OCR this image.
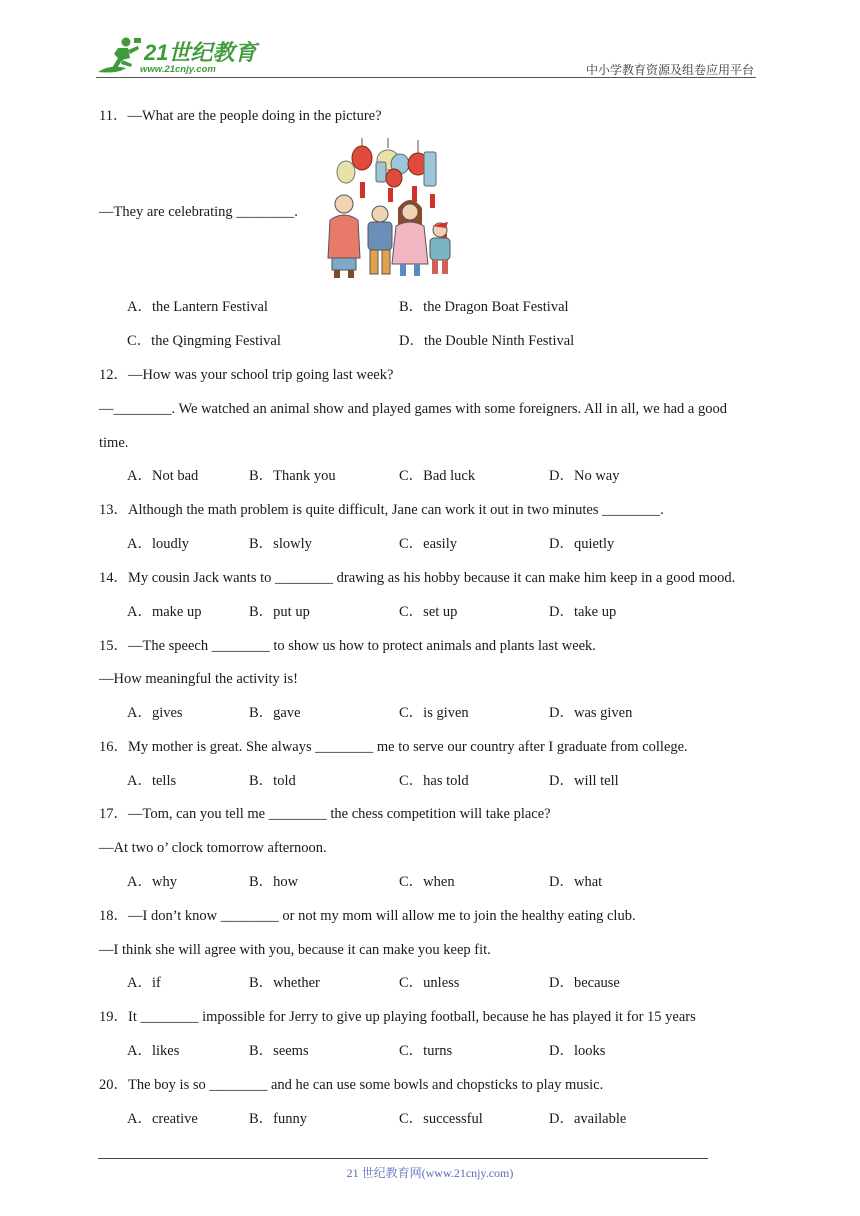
21世纪教育
www.21cnjy.com	中小学教育资源及组卷应用平台
11．—What are the people doing in the picture?
—They are celebrating ________.
A．the Lantern Festival	B．the Dragon Boat Festival
C．the Qingming Festival	D．the Double Ninth Festival
12．—How was your school trip going last week?
—________. We watched an animal show and played games with some foreigners. All in all, we had a good
time.
A．Not bad	B．Thank you	C．Bad luck	D．No way
13．Although the math problem is quite difficult, Jane can work it out in two minutes ________.
A．loudly	B．slowly	C．easily	D．quietly
14．My cousin Jack wants to ________ drawing as his hobby because it can make him keep in a good mood.
A．make up	B．put up	C．set up	D．take up
15．—The speech ________ to show us how to protect animals and plants last week.
—How meaningful the activity is!
A．gives	B．gave	C．is given	D．was given
16．My mother is great. She always ________ me to serve our country after I graduate from college.
A．tells	B．told	C．has told	D．will tell
17．—Tom, can you tell me ________ the chess competition will take place?
—At two o’ clock tomorrow afternoon.
A．why	B．how	C．when	D．what
18．—I don’t know ________ or not my mom will allow me to join the healthy eating club.
—I think she will agree with you, because it can make you keep fit.
A．if	B．whether	C．unless	D．because
19．It ________ impossible for Jerry to give up playing football, because he has played it for 15 years
A．likes	B．seems	C．turns	D．looks
20．The boy is so ________ and he can use some bowls and chopsticks to play music.
A．creative	B．funny	C．successful	D．available
21 世纪教育网(www.21cnjy.com)
